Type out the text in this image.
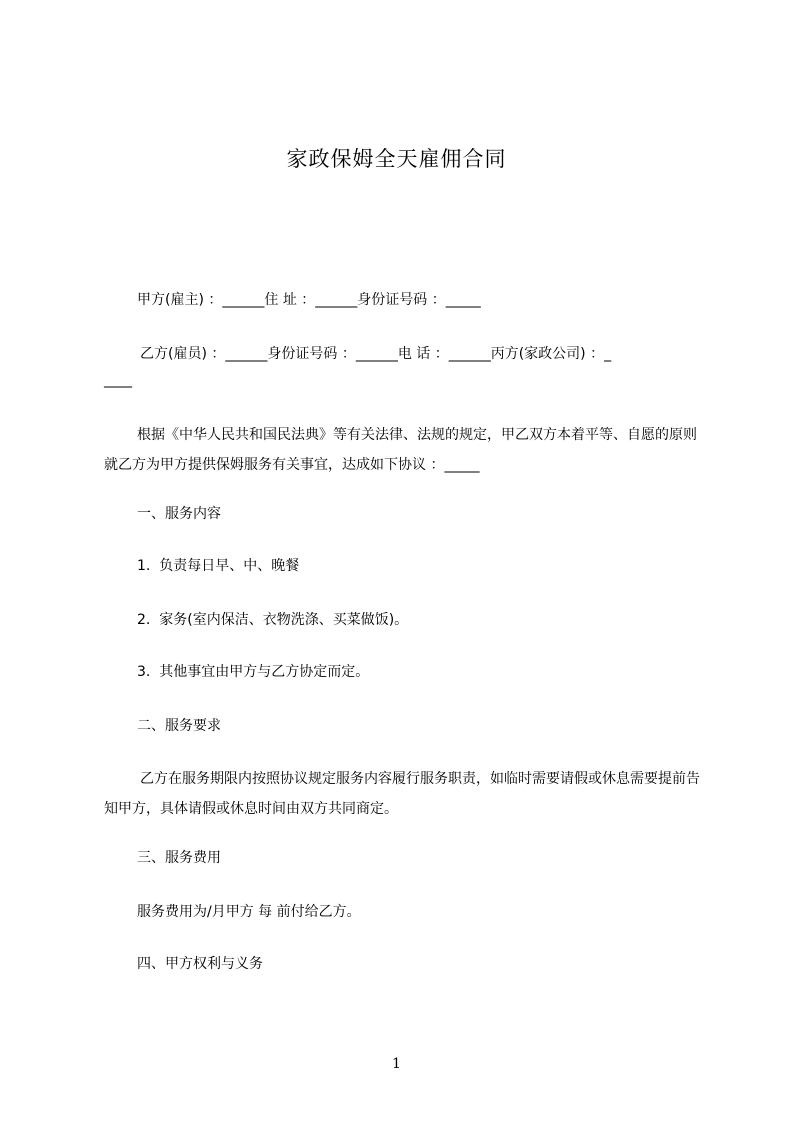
家政保姆全天雇佣合同
甲方(雇主) ：______住 址 ：______身份证号码 ：_____
乙方(雇员) ：______身份证号码 ：______电 话 ：______丙方(家政公司) ：_
____
根据《中华人民共和国民法典》等有关法律、法规的规定，甲乙双方本着平等、自愿的原则就乙方为甲方提供保姆服务有关事宜，达成如下协议 ：_____
一、服务内容
1.  负责每日早、中、晚餐
2.  家务(室内保洁、衣物洗涤、买菜做饭)。
3.  其他事宜由甲方与乙方协定而定。
二、服务要求
乙方在服务期限内按照协议规定服务内容履行服务职责，如临时需要请假或休息需要提前告知甲方，具体请假或休息时间由双方共同商定。
三、服务费用
服务费用为/月甲方 每 前付给乙方。
四、甲方权利与义务
1
